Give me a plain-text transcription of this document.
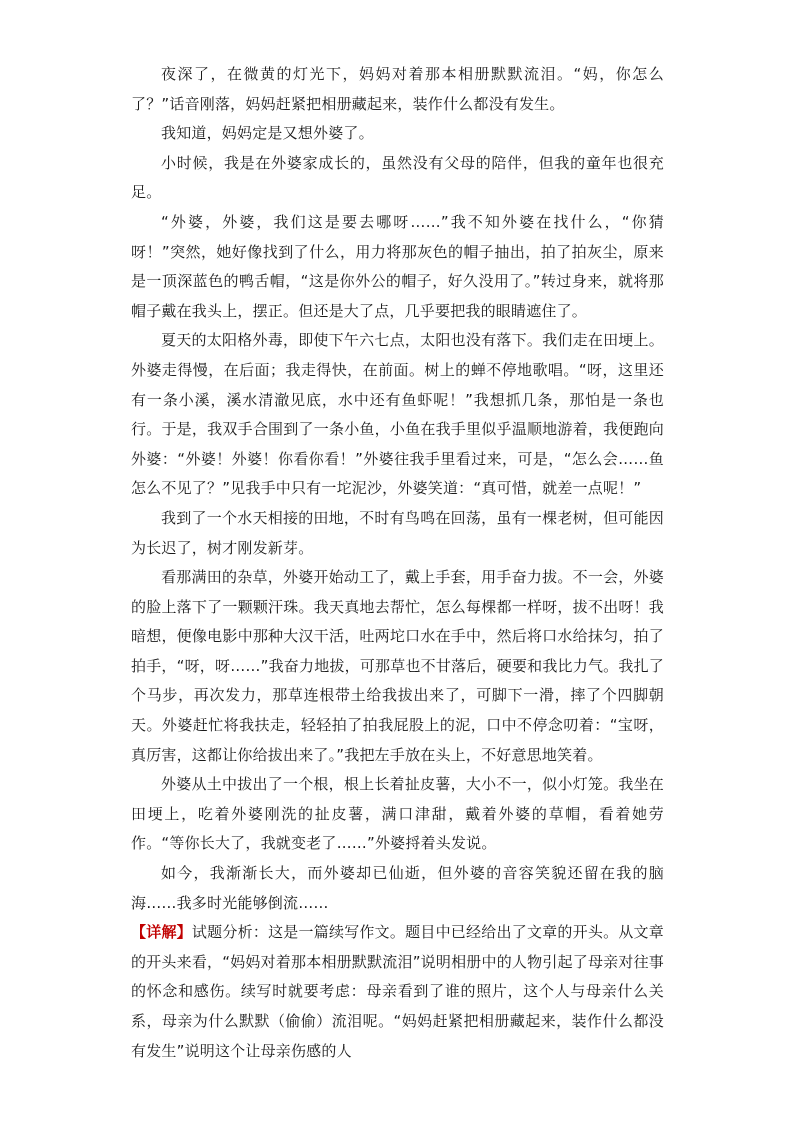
夜深了，在微黄的灯光下，妈妈对着那本相册默默流泪。“妈，你怎么了？”话音刚落，妈妈赶紧把相册藏起来，装作什么都没有发生。

我知道，妈妈定是又想外婆了。

小时候，我是在外婆家成长的，虽然没有父母的陪伴，但我的童年也很充足。

“外婆，外婆，我们这是要去哪呀……”我不知外婆在找什么，“你猜呀！”突然，她好像找到了什么，用力将那灰色的帽子抽出，拍了拍灰尘，原来是一顶深蓝色的鸭舌帽，“这是你外公的帽子，好久没用了。”转过身来，就将那帽子戴在我头上，摆正。但还是大了点，几乎要把我的眼睛遮住了。

夏天的太阳格外毒，即使下午六七点，太阳也没有落下。我们走在田埂上。外婆走得慢，在后面；我走得快，在前面。树上的蝉不停地歌唱。“呀，这里还有一条小溪，溪水清澈见底，水中还有鱼虾呢！”我想抓几条，那怕是一条也行。于是，我双手合围到了一条小鱼，小鱼在我手里似乎温顺地游着，我便跑向外婆：“外婆！外婆！你看你看！”外婆往我手里看过来，可是，“怎么会……鱼怎么不见了？”见我手中只有一坨泥沙，外婆笑道：“真可惜，就差一点呢！”

我到了一个水天相接的田地，不时有鸟鸣在回荡，虽有一棵老树，但可能因为长迟了，树才刚发新芽。

看那满田的杂草，外婆开始动工了，戴上手套，用手奋力拔。不一会，外婆的脸上落下了一颗颗汗珠。我天真地去帮忙，怎么每棵都一样呀，拔不出呀！我暗想，便像电影中那种大汉干活，吐两坨口水在手中，然后将口水给抹匀，拍了拍手，“呀，呀……”我奋力地拔，可那草也不甘落后，硬要和我比力气。我扎了个马步，再次发力，那草连根带土给我拔出来了，可脚下一滑，摔了个四脚朝天。外婆赶忙将我扶走，轻轻拍了拍我屁股上的泥，口中不停念叨着：“宝呀，真厉害，这都让你给拔出来了。”我把左手放在头上，不好意思地笑着。

外婆从土中拔出了一个根，根上长着扯皮薯，大小不一，似小灯笼。我坐在田埂上，吃着外婆刚洗的扯皮薯，满口津甜，戴着外婆的草帽，看着她劳作。“等你长大了，我就变老了……”外婆捋着头发说。

如今，我渐渐长大，而外婆却已仙逝，但外婆的音容笑貌还留在我的脑海……我多时光能够倒流……

【详解】试题分析：这是一篇续写作文。题目中已经给出了文章的开头。从文章的开头来看，“妈妈对着那本相册默默流泪”说明相册中的人物引起了母亲对往事的怀念和感伤。续写时就要考虑：母亲看到了谁的照片，这个人与母亲什么关系，母亲为什么默默（偷偷）流泪呢。“妈妈赶紧把相册藏起来，装作什么都没有发生”说明这个让母亲伤感的人
